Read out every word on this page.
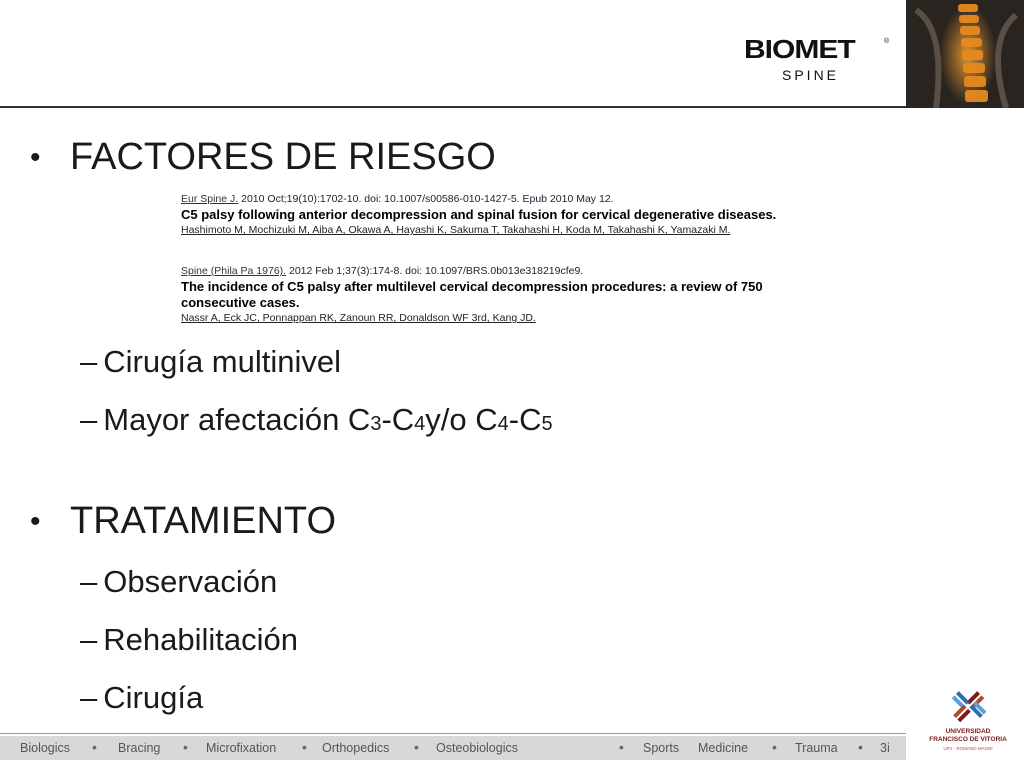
BIOMET	®
SPINE
• FACTORES DE RIESGO
Eur Spine J. 2010 Oct;19(10):1702-10. doi: 10.1007/s00586-010-1427-5. Epub 2010 May 12.
C5 palsy following anterior decompression and spinal fusion for cervical degenerative diseases.
Hashimoto M, Mochizuki M, Aiba A, Okawa A, Hayashi K, Sakuma T, Takahashi H, Koda M, Takahashi K, Yamazaki M.
Spine (Phila Pa 1976). 2012 Feb 1;37(3):174-8. doi: 10.1097/BRS.0b013e318219cfe9.
The incidence of C5 palsy after multilevel cervical decompression procedures: a review of 750 consecutive cases.
Nassr A, Eck JC, Ponnappan RK, Zanoun RR, Donaldson WF 3rd, Kang JD.
– Cirugía multinivel
– Mayor afectación C 3 -C 4 y/o C 4 -C 5
• TRATAMIENTO
– Observación
– Rehabilitación
– Cirugía
Biologics • Bracing • Microfixation • Orthopedics • Osteobiologics	• Sports Medicine • Trauma • 3i
UNIVERSIDAD
FRANCISCO DE VITORIA
UFV · ROMANO MAGNI
